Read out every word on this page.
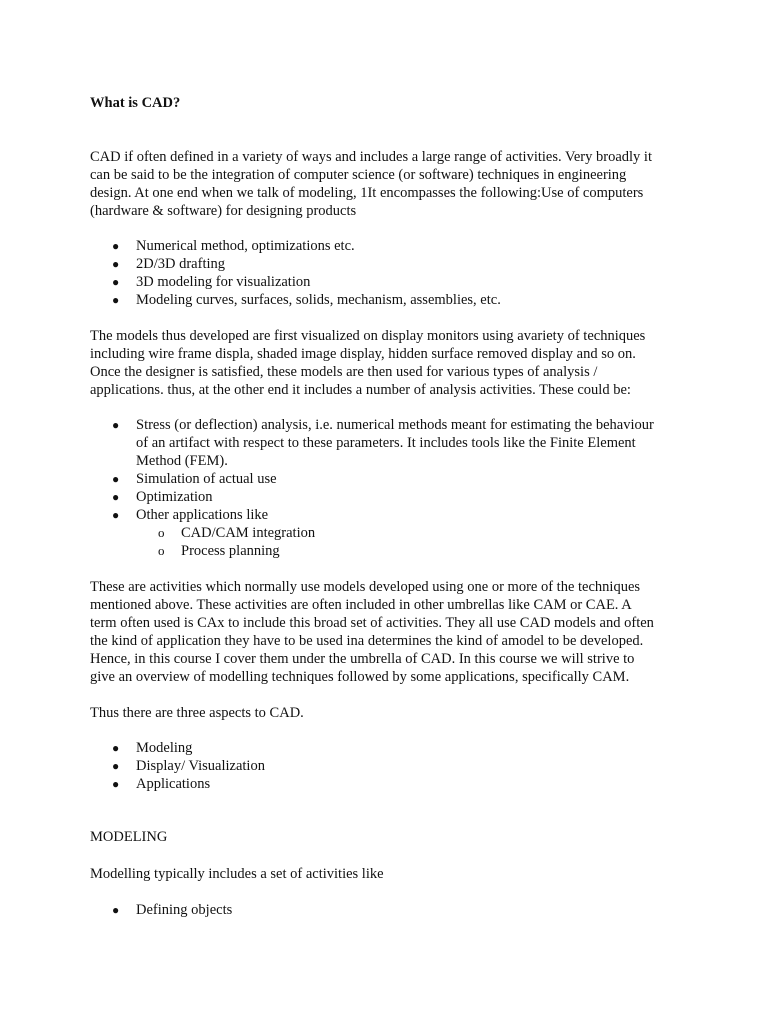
What is CAD?
CAD if often defined in a variety of ways and includes a large range of activities. Very broadly it
can be said to be the integration of computer science (or software) techniques in engineering
design. At one end when we talk of modeling, 1It encompasses the following:Use of computers
(hardware & software) for designing products
● Numerical method, optimizations etc.
● 2D/3D drafting
● 3D modeling for visualization
● Modeling curves, surfaces, solids, mechanism, assemblies, etc.
The models thus developed are first visualized on display monitors using avariety of techniques
including wire frame displa, shaded image display, hidden surface removed display and so on.
Once the designer is satisfied, these models are then used for various types of analysis /
applications. thus, at the other end it includes a number of analysis activities. These could be:
● Stress (or deflection) analysis, i.e. numerical methods meant for estimating the behaviour
of an artifact with respect to these parameters. It includes tools like the Finite Element
Method (FEM).
● Simulation of actual use
● Optimization
● Other applications like
o CAD/CAM integration
o Process planning
These are activities which normally use models developed using one or more of the techniques
mentioned above. These activities are often included in other umbrellas like CAM or CAE. A
term often used is CAx to include this broad set of activities. They all use CAD models and often
the kind of application they have to be used ina determines the kind of amodel to be developed.
Hence, in this course I cover them under the umbrella of CAD. In this course we will strive to
give an overview of modelling techniques followed by some applications, specifically CAM.
Thus there are three aspects to CAD.
● Modeling
● Display/ Visualization
● Applications
MODELING
Modelling typically includes a set of activities like
● Defining objects
